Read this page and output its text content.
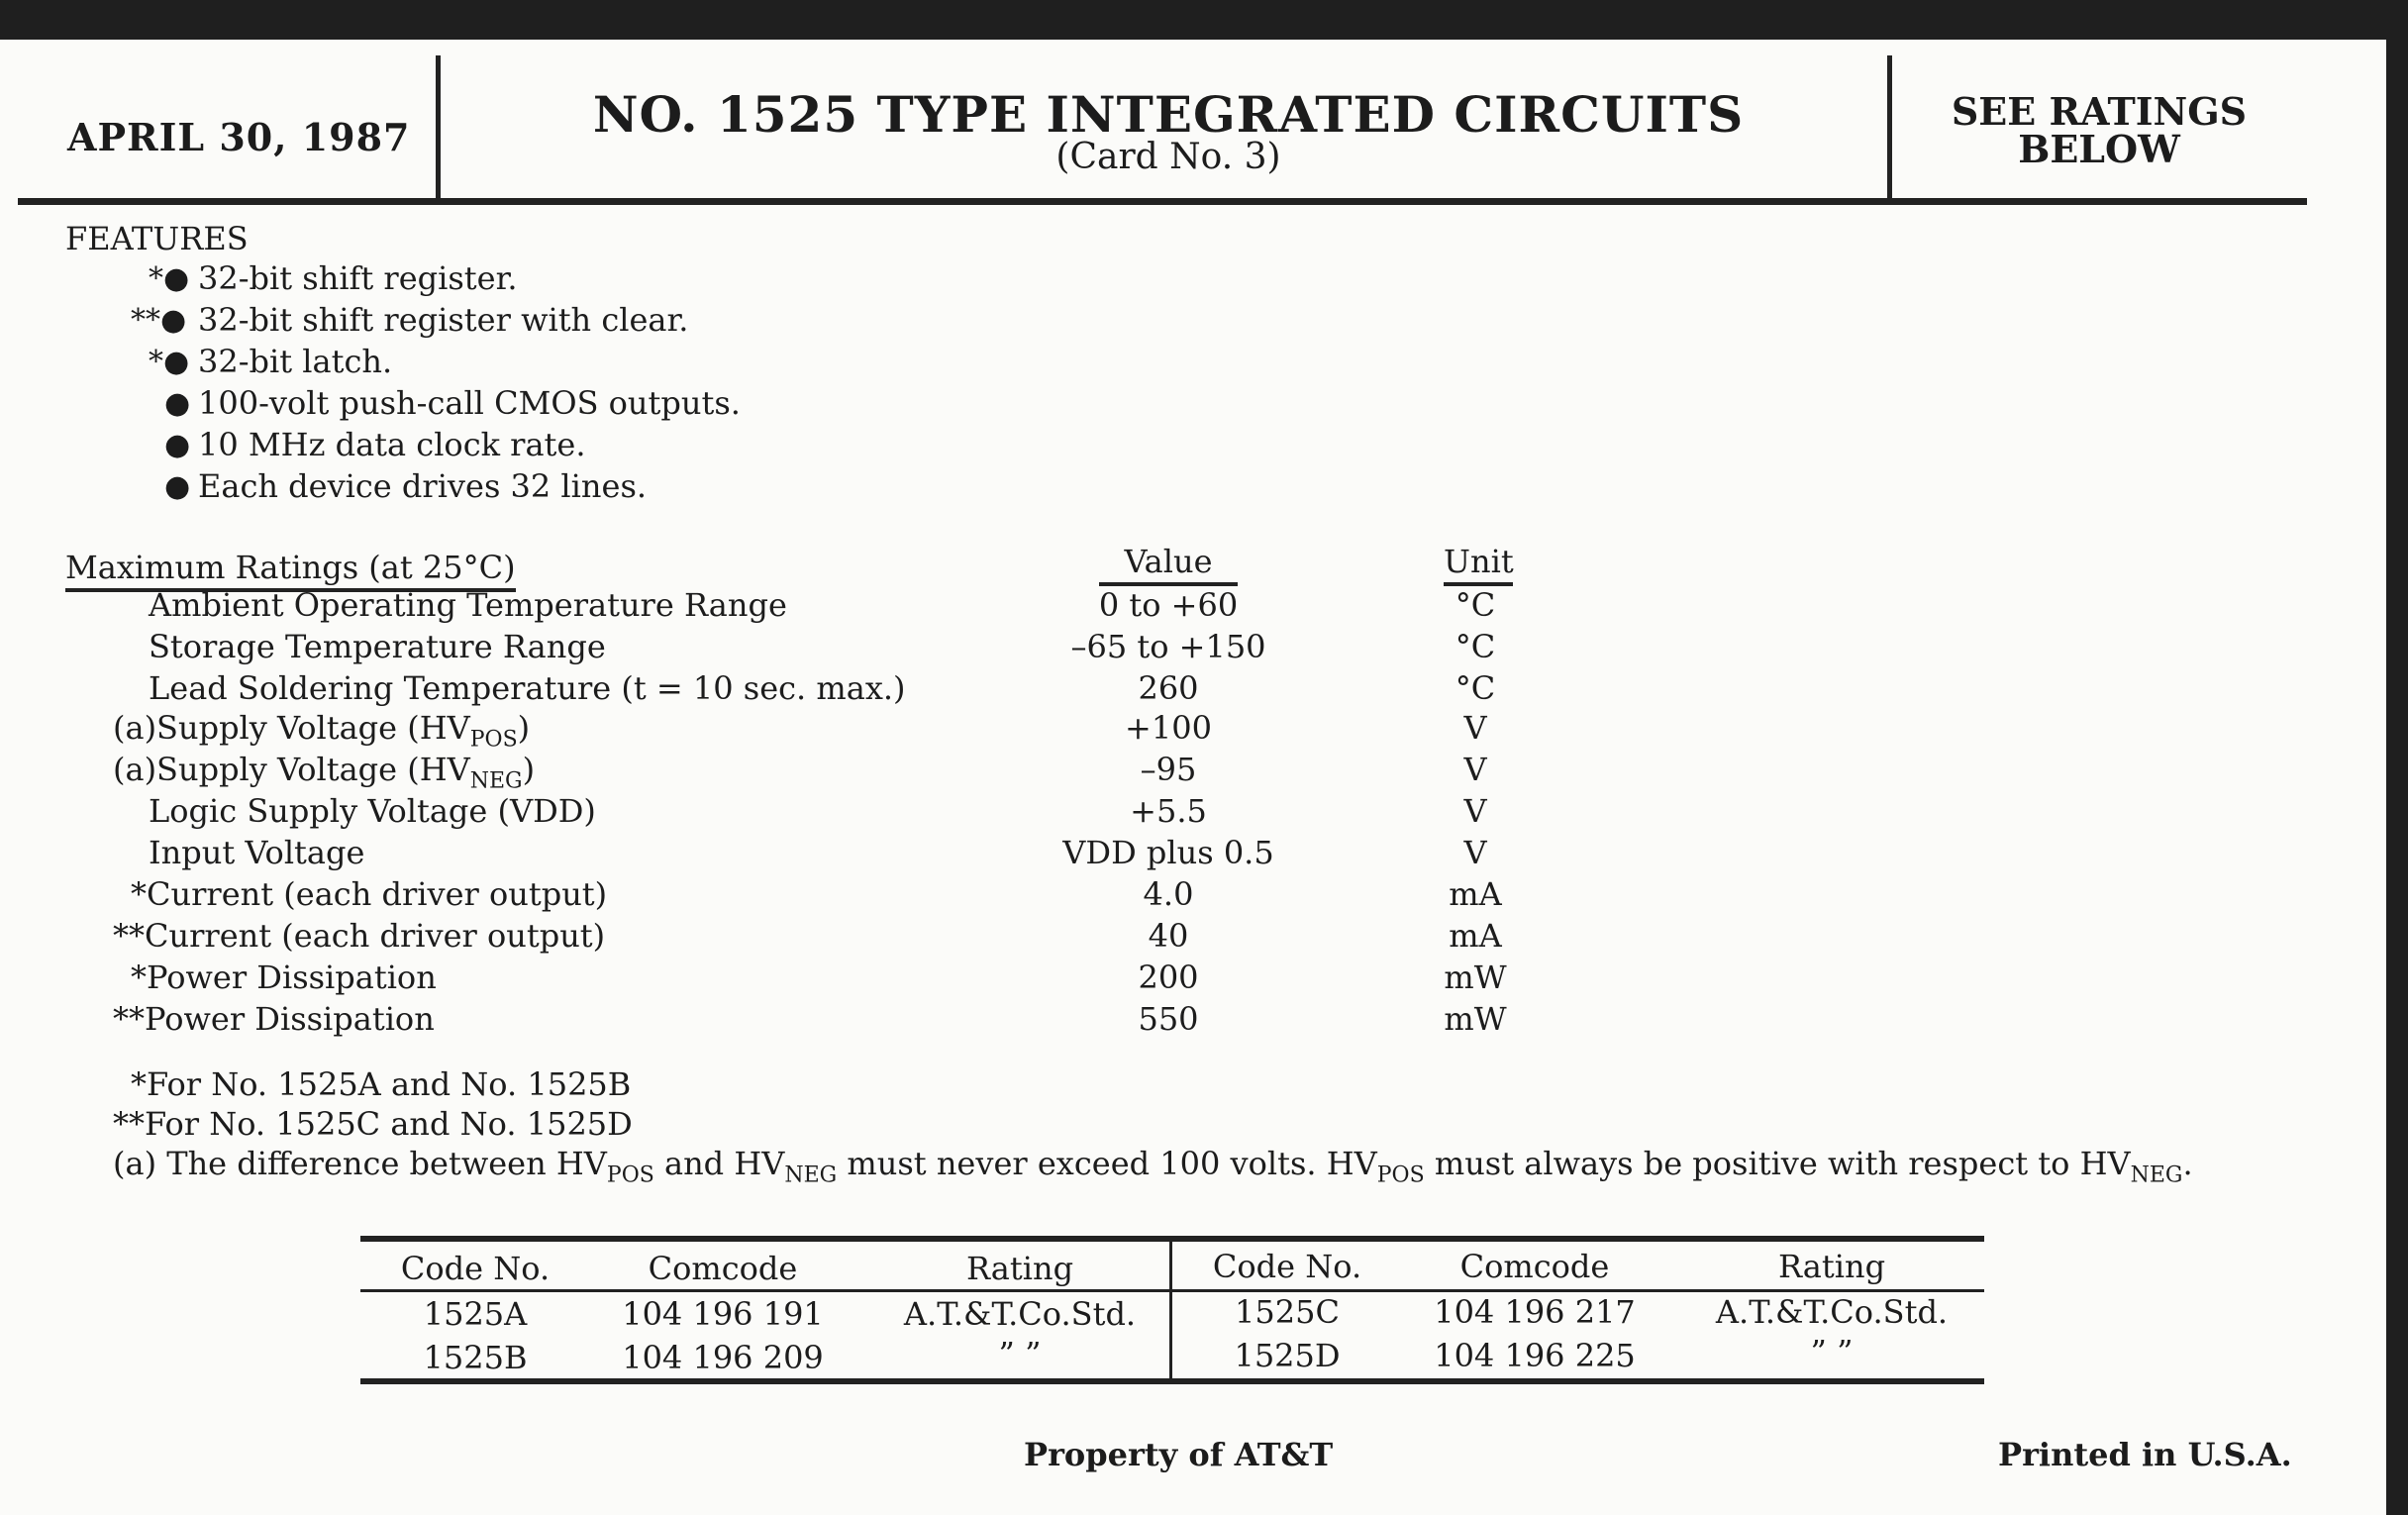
APRIL 30, 1987	NO. 1525 TYPE INTEGRATED CIRCUITS
(Card No. 3)
SEE RATINGS
BELOW
FEATURES
*● 32-bit shift register.
**● 32-bit shift register with clear.
*● 32-bit latch.
● 100-volt push-call CMOS outputs.
● 10 MHz data clock rate.
● Each device drives 32 lines.
Maximum Ratings (at 25°C)	Value	Unit
Ambient Operating Temperature Range	0 to +60	°C
Storage Temperature Range	–65 to +150	°C
Lead Soldering Temperature (t = 10 sec. max.)	260	°C
(a)Supply Voltage $(HV_{POS})$	+100	V
(a)Supply Voltage $(HV_{NEG})$	–95	V
Logic Supply Voltage (VDD)	+5.5	V
Input Voltage	VDD plus 0.5	V
*Current (each driver output)	4.0	mA
**Current (each driver output)	40	mA
*Power Dissipation	200	mW
**Power Dissipation	550	mW
*For No. 1525A and No. 1525B
**For No. 1525C and No. 1525D
(a) The difference between $HV_{POS}$ and $HV_{NEG}$ must never exceed 100 volts. $HV_{POS}$ must always be positive with respect to $HV_{NEG}$.
Code No.	Comcode	Rating	Code No.	Comcode	Rating
1525A	104 196 191	A.T.&T.Co.Std.	1525C	104 196 217	A.T.&T.Co.Std.
1525B	104 196 209	” ”	1525D	104 196 225	” ”
Property of AT&T	Printed in U.S.A.
